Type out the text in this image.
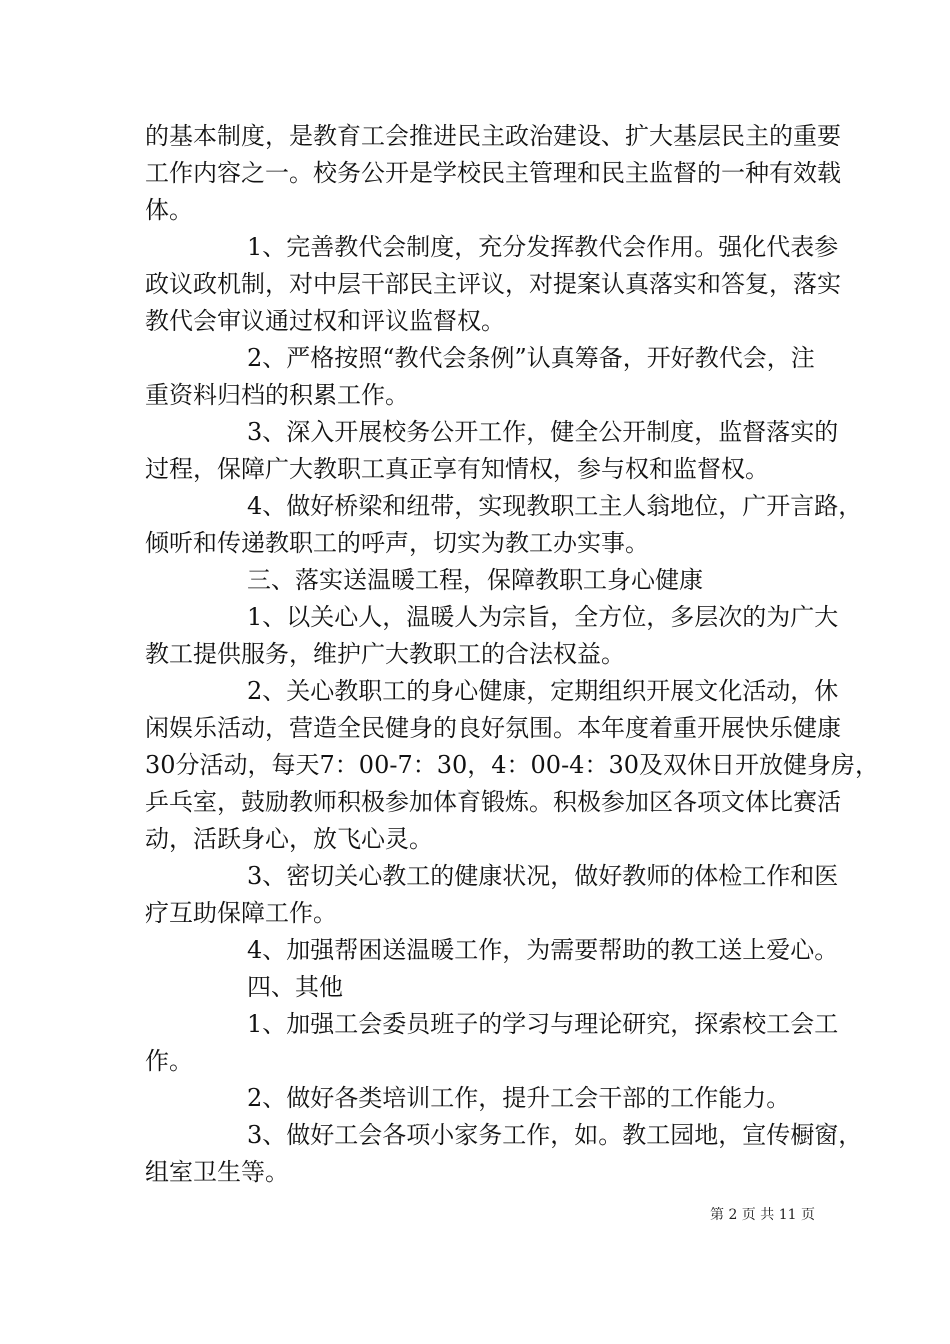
的基本制度，是教育工会推进民主政治建设、扩大基层民主的重要
工作内容之一。校务公开是学校民主管理和民主监督的一种有效载
体。
1、完善教代会制度，充分发挥教代会作用。强化代表参
政议政机制，对中层干部民主评议，对提案认真落实和答复，落实
教代会审议通过权和评议监督权。
2、严格按照“教代会条例”认真筹备，开好教代会，注
重资料归档的积累工作。
3、深入开展校务公开工作，健全公开制度，监督落实的
过程，保障广大教职工真正享有知情权，参与权和监督权。
4、做好桥梁和纽带，实现教职工主人翁地位，广开言路，
倾听和传递教职工的呼声，切实为教工办实事。
三、落实送温暖工程，保障教职工身心健康
1、以关心人，温暖人为宗旨，全方位，多层次的为广大
教工提供服务，维护广大教职工的合法权益。
2、关心教职工的身心健康，定期组织开展文化活动，休
闲娱乐活动，营造全民健身的良好氛围。本年度着重开展快乐健康
30分活动，每天7：00-7：30，4：00-4：30及双休日开放健身房，
乒乓室，鼓励教师积极参加体育锻炼。积极参加区各项文体比赛活
动，活跃身心，放飞心灵。
3、密切关心教工的健康状况，做好教师的体检工作和医
疗互助保障工作。
4、加强帮困送温暖工作，为需要帮助的教工送上爱心。
四、其他
1、加强工会委员班子的学习与理论研究，探索校工会工
作。
2、做好各类培训工作，提升工会干部的工作能力。
3、做好工会各项小家务工作，如。教工园地，宣传橱窗，
组室卫生等。
第 2 页 共 11 页
